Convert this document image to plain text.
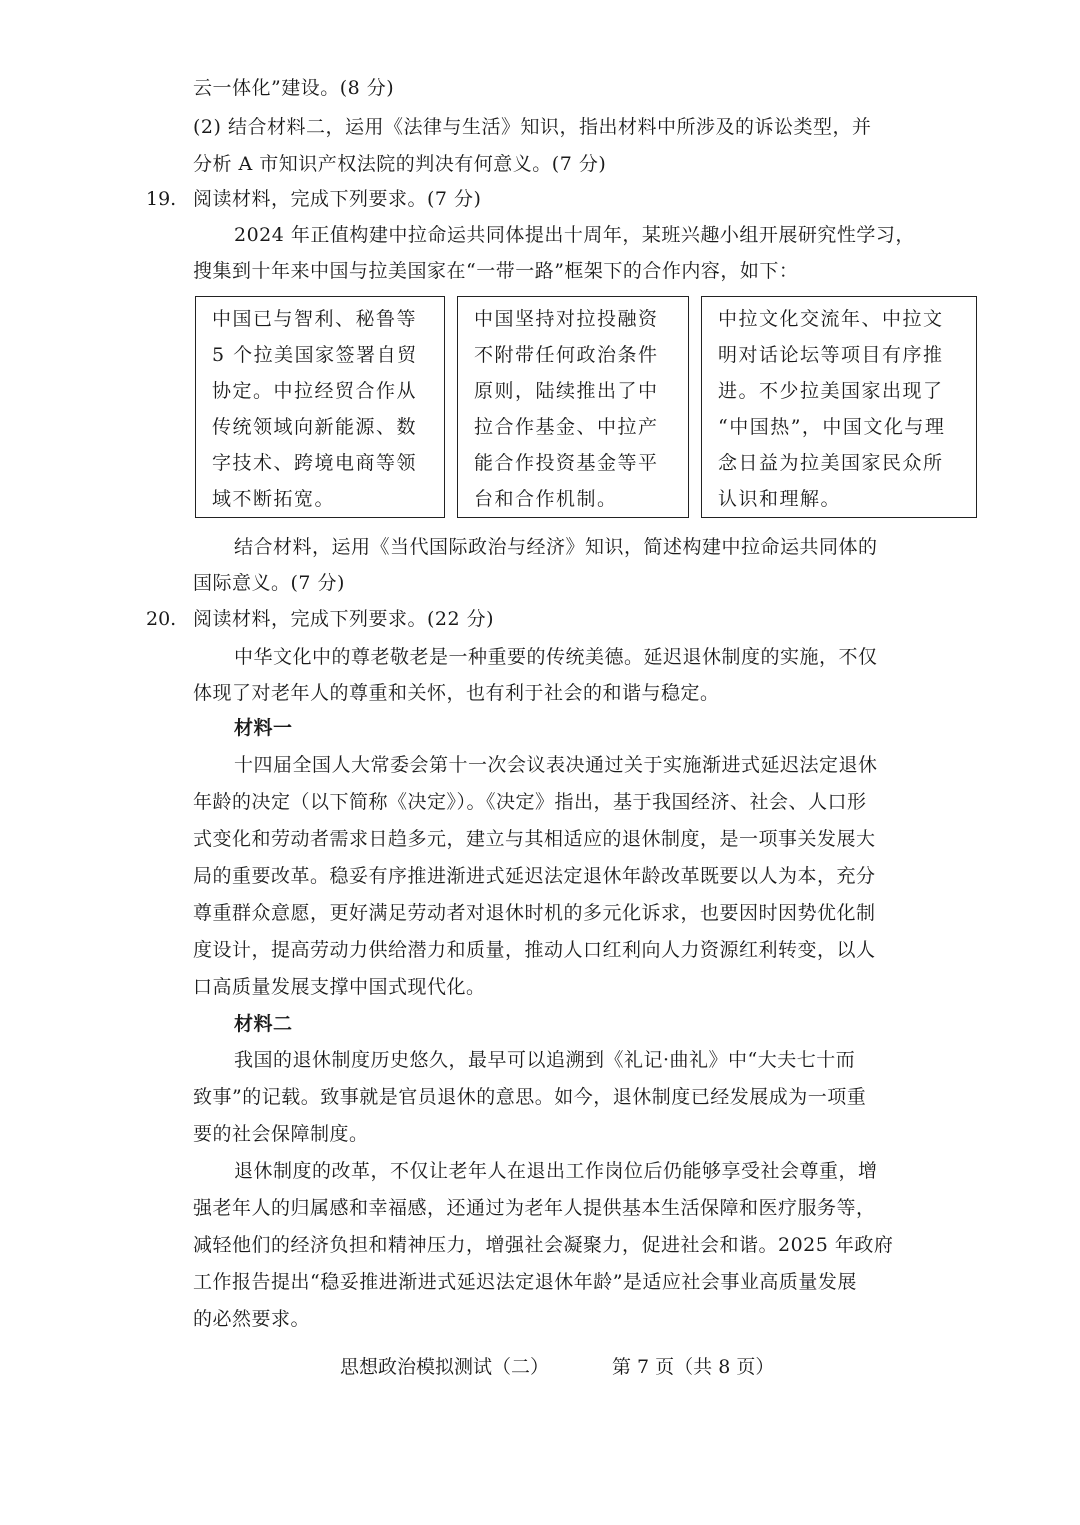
云一体化”建设。(8 分)
(2) 结合材料二，运用《法律与生活》知识，指出材料中所涉及的诉讼类型，并
分析 A 市知识产权法院的判决有何意义。(7 分)
19. 阅读材料，完成下列要求。(7 分)
2024 年正值构建中拉命运共同体提出十周年，某班兴趣小组开展研究性学习，
搜集到十年来中国与拉美国家在“一带一路”框架下的合作内容，如下：
中国已与智利、秘鲁等
5 个拉美国家签署自贸
协定。中拉经贸合作从
传统领域向新能源、数
字技术、跨境电商等领
域不断拓宽。
中国坚持对拉投融资
不附带任何政治条件
原则，陆续推出了中
拉合作基金、中拉产
能合作投资基金等平
台和合作机制。
中拉文化交流年、中拉文
明对话论坛等项目有序推
进。不少拉美国家出现了
“中国热”，中国文化与理
念日益为拉美国家民众所
认识和理解。
结合材料，运用《当代国际政治与经济》知识，简述构建中拉命运共同体的
国际意义。(7 分)
20. 阅读材料，完成下列要求。(22 分)
中华文化中的尊老敬老是一种重要的传统美德。延迟退休制度的实施，不仅
体现了对老年人的尊重和关怀，也有利于社会的和谐与稳定。
材料一
十四届全国人大常委会第十一次会议表决通过关于实施渐进式延迟法定退休
年龄的决定（以下简称《决定》）。《决定》指出，基于我国经济、社会、人口形
式变化和劳动者需求日趋多元，建立与其相适应的退休制度，是一项事关发展大
局的重要改革。稳妥有序推进渐进式延迟法定退休年龄改革既要以人为本，充分
尊重群众意愿，更好满足劳动者对退休时机的多元化诉求，也要因时因势优化制
度设计，提高劳动力供给潜力和质量，推动人口红利向人力资源红利转变，以人
口高质量发展支撑中国式现代化。
材料二
我国的退休制度历史悠久，最早可以追溯到《礼记·曲礼》中“大夫七十而
致事”的记载。致事就是官员退休的意思。如今，退休制度已经发展成为一项重
要的社会保障制度。
退休制度的改革，不仅让老年人在退出工作岗位后仍能够享受社会尊重，增
强老年人的归属感和幸福感，还通过为老年人提供基本生活保障和医疗服务等，
减轻他们的经济负担和精神压力，增强社会凝聚力，促进社会和谐。2025 年政府
工作报告提出“稳妥推进渐进式延迟法定退休年龄”是适应社会事业高质量发展
的必然要求。
思想政治模拟测试（二）	第 7 页（共 8 页）
